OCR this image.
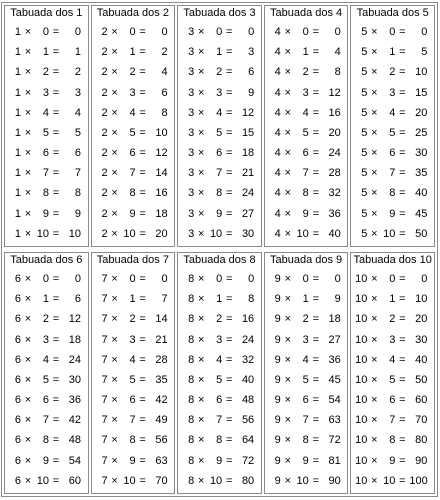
Tabuada dos 1
1 ×	0 =	0
1 ×	1 =	1
1 ×	2 =	2
1 ×	3 =	3
1 ×	4 =	4
1 ×	5 =	5
1 ×	6 =	6
1 ×	7 =	7
1 ×	8 =	8
1 ×	9 =	9
1 × 10 = 10
Tabuada dos 2
2 ×	0 =	0
2 ×	1 =	2
2 ×	2 =	4
2 ×	3 =	6
2 ×	4 =	8
2 ×	5 = 10
2 ×	6 = 12
2 ×	7 = 14
2 ×	8 = 16
2 ×	9 = 18
2 × 10 = 20
Tabuada dos 3
3 ×	0 =	0
3 ×	1 =	3
3 ×	2 =	6
3 ×	3 =	9
3 ×	4 = 12
3 ×	5 = 15
3 ×	6 = 18
3 ×	7 = 21
3 ×	8 = 24
3 ×	9 = 27
3 × 10 = 30
Tabuada dos 4
4 ×	0 =	0
4 ×	1 =	4
4 ×	2 =	8
4 ×	3 = 12
4 ×	4 = 16
4 ×	5 = 20
4 ×	6 = 24
4 ×	7 = 28
4 ×	8 = 32
4 ×	9 = 36
4 × 10 = 40
Tabuada dos 5
5 ×	0 =	0
5 ×	1 =	5
5 ×	2 = 10
5 ×	3 = 15
5 ×	4 = 20
5 ×	5 = 25
5 ×	6 = 30
5 ×	7 = 35
5 ×	8 = 40
5 ×	9 = 45
5 × 10 = 50
Tabuada dos 6
6 ×	0 =	0
6 ×	1 =	6
6 ×	2 = 12
6 ×	3 = 18
6 ×	4 = 24
6 ×	5 = 30
6 ×	6 = 36
6 ×	7 = 42
6 ×	8 = 48
6 ×	9 = 54
6 × 10 = 60
Tabuada dos 7
7 ×	0 =	0
7 ×	1 =	7
7 ×	2 = 14
7 ×	3 = 21
7 ×	4 = 28
7 ×	5 = 35
7 ×	6 = 42
7 ×	7 = 49
7 ×	8 = 56
7 ×	9 = 63
7 × 10 = 70
Tabuada dos 8
8 ×	0 =	0
8 ×	1 =	8
8 ×	2 = 16
8 ×	3 = 24
8 ×	4 = 32
8 ×	5 = 40
8 ×	6 = 48
8 ×	7 = 56
8 ×	8 = 64
8 ×	9 = 72
8 × 10 = 80
Tabuada dos 9
9 ×	0 =	0
9 ×	1 =	9
9 ×	2 = 18
9 ×	3 = 27
9 ×	4 = 36
9 ×	5 = 45
9 ×	6 = 54
9 ×	7 = 63
9 ×	8 = 72
9 ×	9 = 81
9 × 10 = 90
Tabuada dos 10
10 ×	0 =	0
10 ×	1 = 10
10 ×	2 = 20
10 ×	3 = 30
10 ×	4 = 40
10 ×	5 = 50
10 ×	6 = 60
10 ×	7 = 70
10 ×	8 = 80
10 ×	9 = 90
10 × 10 = 100
